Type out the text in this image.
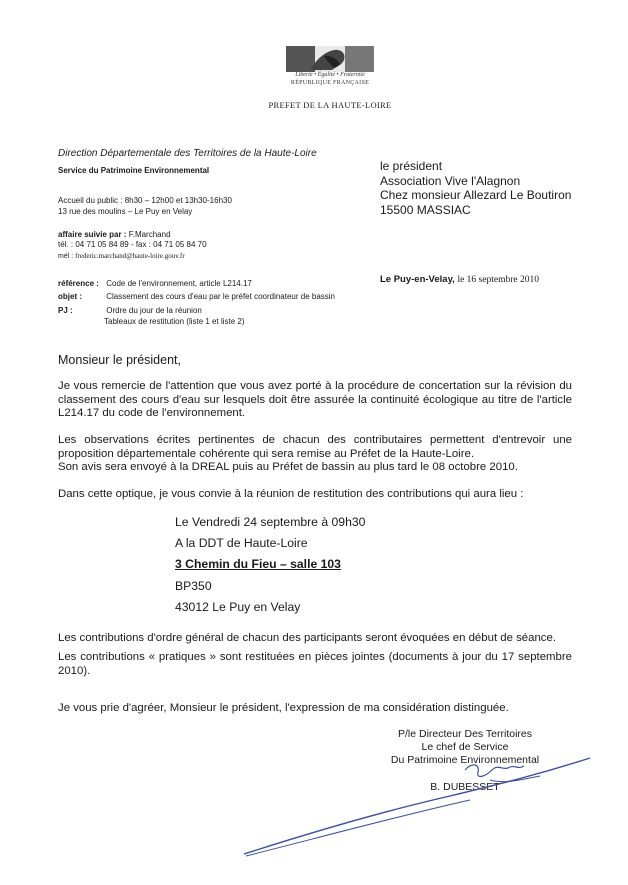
Liberté • Égalité • Fraternité
RÉPUBLIQUE FRANÇAISE
PREFET DE LA HAUTE-LOIRE
Direction Départementale des Territoires de la Haute-Loire
Service du Patrimoine Environnemental
Accueil du public : 8h30 – 12h00 et 13h30-16h30
13 rue des moulins – Le Puy en Velay
affaire suivie par : F.Marchand
tél. : 04 71 05 84 89 - fax : 04 71 05 84 70
mél : frederic.marchand@haute-loire.gouv.fr
le président
Association Vive l'Alagnon
Chez monsieur Allezard Le Boutiron
15500 MASSIAC
Le Puy-en-Velay, le 16 septembre 2010
référence : Code de l'environnement, article L214.17
objet :	Classement des cours d'eau par le préfet coordinateur de bassin
PJ :	Ordre du jour de la réunion
Tableaux de restitution (liste 1 et liste 2)
Monsieur le président,
Je vous remercie de l'attention que vous avez porté à la procédure de concertation sur la révision du classement des cours d'eau sur lesquels doit être assurée la continuité écologique au titre de l'article L214.17 du code de l'environnement.
Les observations écrites pertinentes de chacun des contributaires permettent d'entrevoir une proposition départementale cohérente qui sera remise au Préfet de la Haute-Loire.
Son avis sera envoyé à la DREAL puis au Préfet de bassin au plus tard le 08 octobre 2010.
Dans cette optique, je vous convie à la réunion de restitution des contributions qui aura lieu :
Le Vendredi 24 septembre à 09h30
A la DDT de Haute-Loire
3 Chemin du Fieu – salle 103
BP350
43012 Le Puy en Velay
Les contributions d'ordre général de chacun des participants seront évoquées en début de séance.
Les contributions « pratiques » sont restituées en pièces jointes (documents à jour du 17 septembre 2010).
Je vous prie d'agréer, Monsieur le président, l'expression de ma considération distinguée.
P/le Directeur Des Territoires
Le chef de Service
Du Patrimoine Environnemental
B. DUBESSET
